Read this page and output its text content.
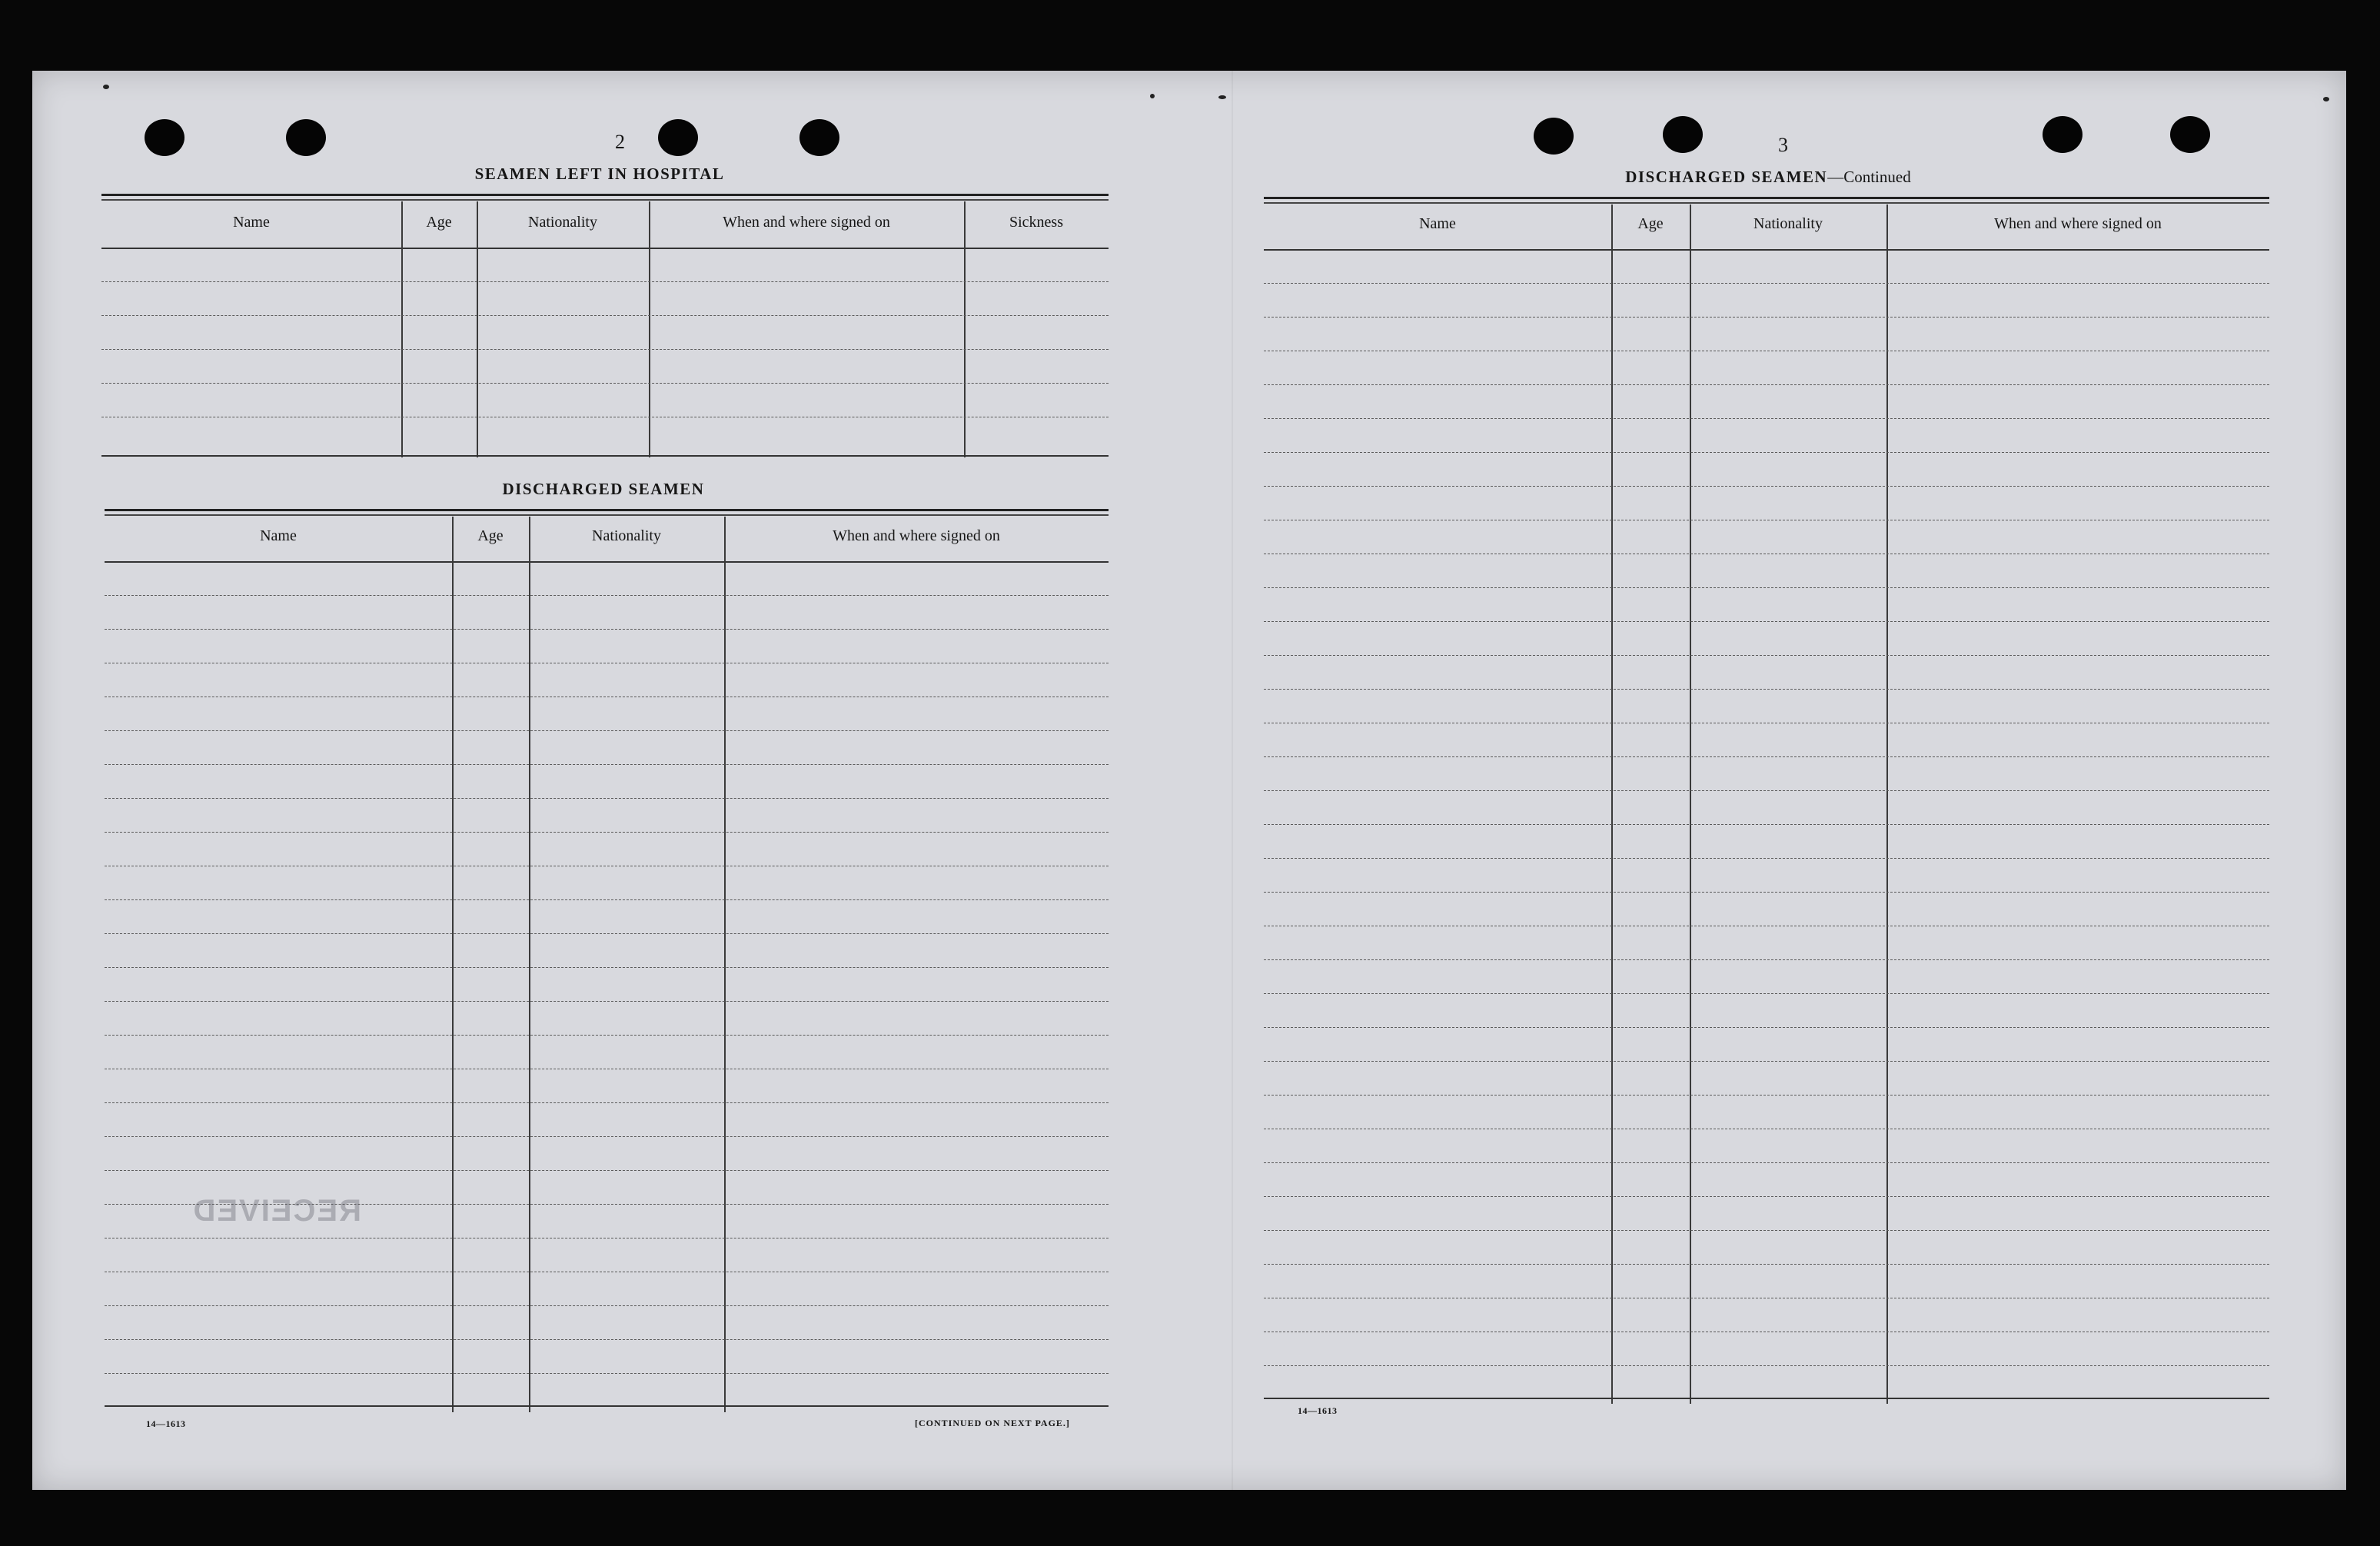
2
SEAMEN LEFT IN HOSPITAL
Name	Age	Nationality	When and where signed on	Sickness
DISCHARGED SEAMEN
Name	Age	Nationality	When and where signed on
RECEIVED
14—1613	[CONTINUED ON NEXT PAGE.]
3
DISCHARGED SEAMEN—Continued
Name	Age	Nationality	When and where signed on
14—1613
